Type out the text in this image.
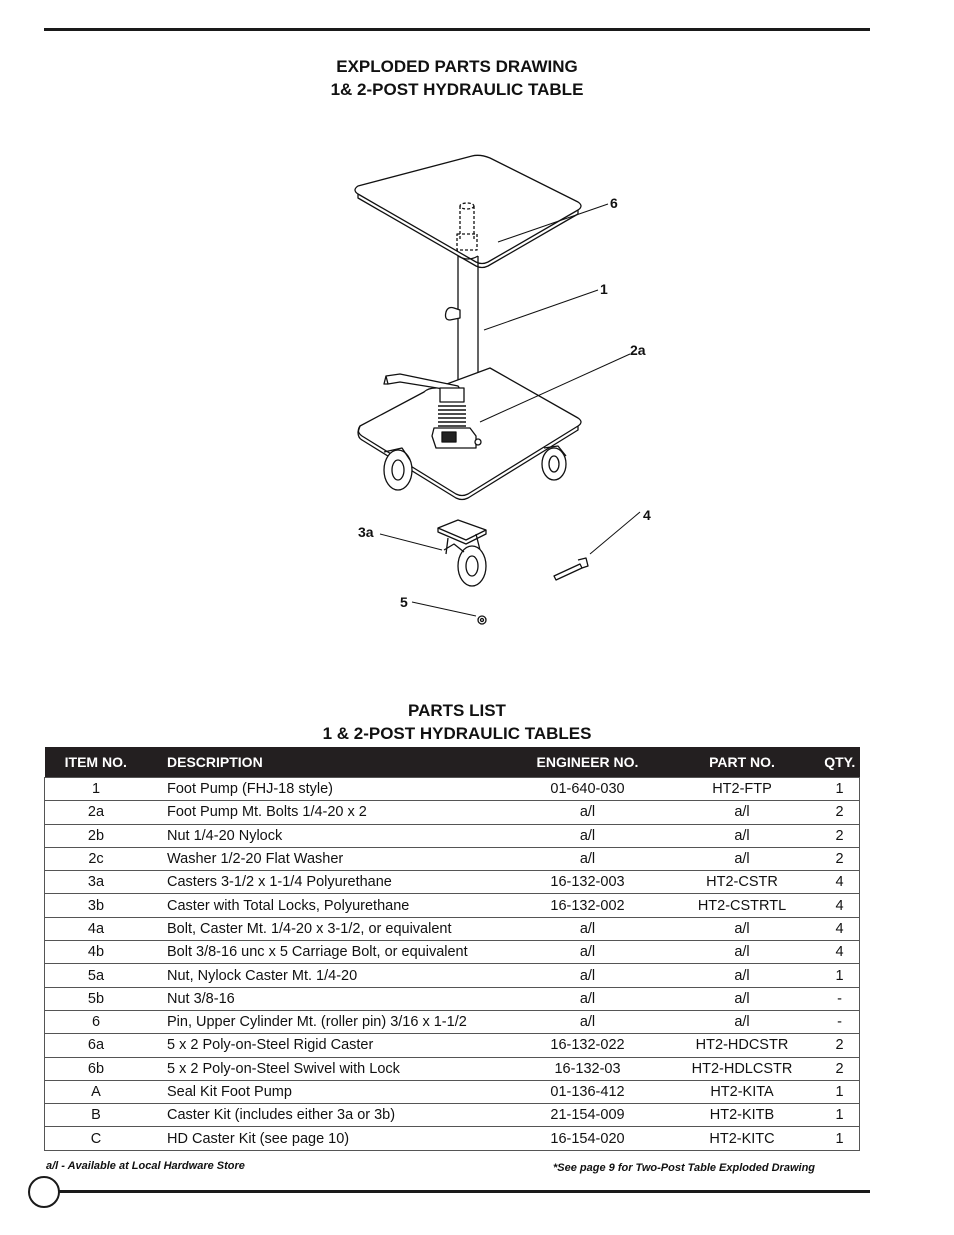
EXPLODED PARTS DRAWING
1& 2-POST HYDRAULIC TABLE
6
1
2a
4
3a
5
PARTS LIST
1 & 2-POST HYDRAULIC TABLES
ITEM NO.	DESCRIPTION	ENGINEER NO.	PART NO.	QTY.
1	Foot Pump (FHJ-18 style)	01-640-030	HT2-FTP	1
2a	Foot Pump Mt. Bolts 1/4-20 x 2	a/l	a/l	2
2b	Nut 1/4-20 Nylock	a/l	a/l	2
2c	Washer 1/2-20 Flat Washer	a/l	a/l	2
3a	Casters 3-1/2 x 1-1/4 Polyurethane	16-132-003	HT2-CSTR	4
3b	Caster with Total Locks, Polyurethane	16-132-002	HT2-CSTRTL	4
4a	Bolt, Caster Mt. 1/4-20 x 3-1/2, or equivalent	a/l	a/l	4
4b	Bolt 3/8-16 unc x 5 Carriage Bolt, or equivalent	a/l	a/l	4
5a	Nut, Nylock Caster Mt. 1/4-20	a/l	a/l	1
5b	Nut 3/8-16	a/l	a/l	-
6	Pin, Upper Cylinder Mt. (roller pin) 3/16 x 1-1/2	a/l	a/l	-
6a	5 x 2 Poly-on-Steel Rigid Caster	16-132-022	HT2-HDCSTR	2
6b	5 x 2 Poly-on-Steel Swivel with Lock	16-132-03	HT2-HDLCSTR	2
A	Seal Kit Foot Pump	01-136-412	HT2-KITA	1
B	Caster Kit (includes either 3a or 3b)	21-154-009	HT2-KITB	1
C	HD Caster Kit (see page 10)	16-154-020	HT2-KITC	1
a/l - Available at Local Hardware Store	*See page 9 for Two-Post Table Exploded Drawing
